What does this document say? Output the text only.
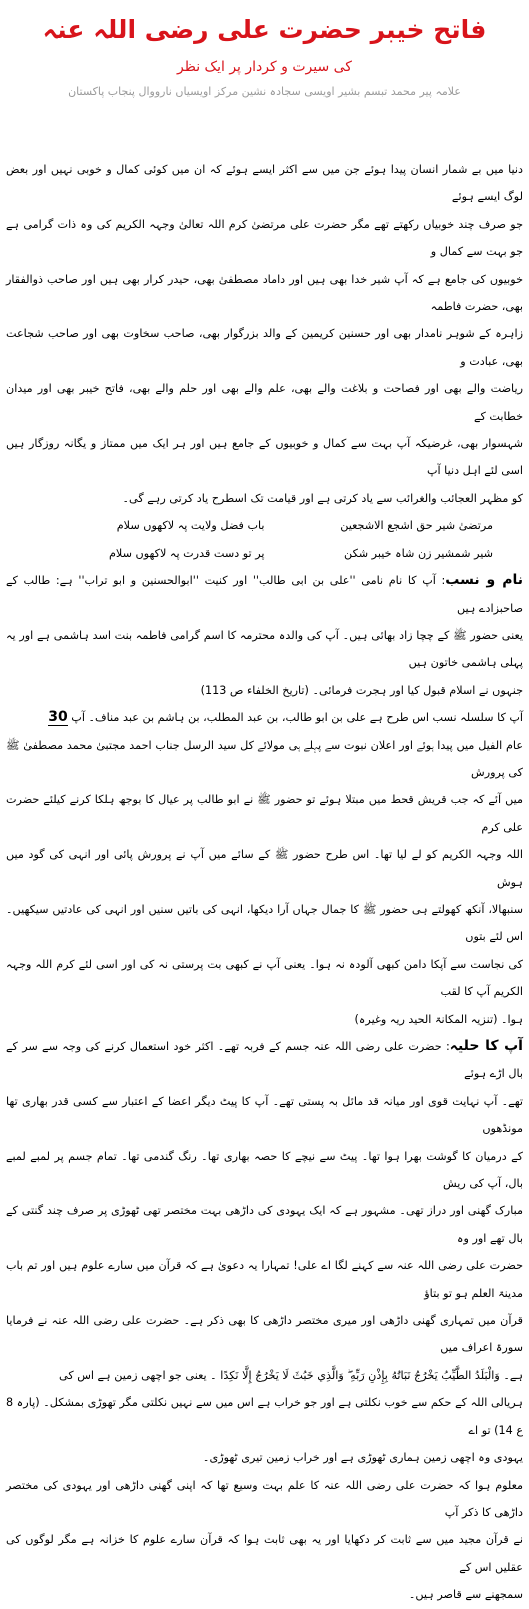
فاتح خیبر حضرت علی رضی اللہ عنہ
کی سیرت و کردار پر ایک نظر
علامہ پیر محمد تبسم بشیر اویسی سجادہ نشین مرکز اویسیاں نارووال پنجاب پاکستان

دنیا میں بے شمار انسان پیدا ہوئے جن میں سے اکثر ایسے ہوئے کہ ان میں کوئی کمال و خوبی نہیں اور بعض لوگ ایسے ہوئے

جو صرف چند خوبیاں رکھتے تھے مگر حضرت علی مرتضیٰ کرم اللہ تعالیٰ وجہہ الکریم کی وہ ذات گرامی ہے جو بہت سے کمال و

خوبیوں کی جامع ہے کہ آپ شیر خدا بھی ہیں اور داماد مصطفیٰ بھی، حیدر کرار بھی ہیں اور صاحب ذوالفقار بھی، حضرت فاطمہ

زاہرہ کے شوہر نامدار بھی اور حسنین کریمین کے والد بزرگوار بھی، صاحب سخاوت بھی اور صاحب شجاعت بھی، عبادت و

ریاضت والے بھی اور فصاحت و بلاغت والے بھی، علم والے بھی اور حلم والے بھی، فاتح خیبر بھی اور میدان خطابت کے

شہسوار بھی، غرضیکہ آپ بہت سے کمال و خوبیوں کے جامع ہیں اور ہر ایک میں ممتاز و یگانہ روزگار ہیں اسی لئے اہل دنیا آپ

کو مظہر العجائب والغرائب سے یاد کرتی ہے اور قیامت تک اسطرح یاد کرتی رہے گی۔

مرتضیٰ شیر حق اشجع الاشجعین
باب فضل ولایت پہ لاکھوں سلام
شیر شمشیر زن شاہ خیبر شکن
پر تو دست قدرت پہ لاکھوں سلام

نام و نسب: آپ کا نام نامی ''علی بن ابی طالب'' اور کنیت ''ابوالحسنین و ابو تراب'' ہے: طالب کے صاحبزادے ہیں

یعنی حضور ﷺ کے چچا زاد بھائی ہیں۔ آپ کی والدہ محترمہ کا اسم گرامی فاطمہ بنت اسد ہاشمی ہے اور یہ پہلی ہاشمی خاتون ہیں

جنہوں نے اسلام قبول کیا اور ہجرت فرمائی۔ (تاریخ الخلفاء ص 113)

آپ کا سلسلہ نسب اس طرح ہے علی بن ابو طالب، بن عبد المطلب، بن ہاشم بن عبد مناف۔ آپ 30

عام الفیل میں پیدا ہوئے اور اعلان نبوت سے پہلے ہی مولائے کل سید الرسل جناب احمد مجتبیٰ محمد مصطفیٰ ﷺ کی پرورش

میں آئے کہ جب قریش قحط میں مبتلا ہوئے تو حضور ﷺ نے ابو طالب پر عیال کا بوجھ ہلکا کرنے کیلئے حضرت علی کرم

اللہ وجہہ الکریم کو لے لیا تھا۔ اس طرح حضور ﷺ کے سائے میں آپ نے پرورش پائی اور انہی کی گود میں ہوش

سنبھالا، آنکھ کھولتے ہی حضور ﷺ کا جمال جہاں آرا دیکھا، انہی کی باتیں سنیں اور انہی کی عادتیں سیکھیں۔ اس لئے بتوں

کی نجاست سے آپکا دامن کبھی آلودہ نہ ہوا۔ یعنی آپ نے کبھی بت پرستی نہ کی اور اسی لئے کرم اللہ وجہہ الکریم آپ کا لقب

ہوا۔ (تنزیہ المکانۃ الحید ریہ وغیرہ)

آپ کا حلیہ: حضرت علی رضی اللہ عنہ جسم کے فربہ تھے۔ اکثر خود استعمال کرنے کی وجہ سے سر کے بال اڑے ہوئے

تھے۔ آپ نہایت قوی اور میانہ قد مائل بہ پستی تھے۔ آپ کا پیٹ دیگر اعضا کے اعتبار سے کسی قدر بھاری تھا مونڈھوں

کے درمیان کا گوشت بھرا ہوا تھا۔ پیٹ سے نیچے کا حصہ بھاری تھا۔ رنگ گندمی تھا۔ تمام جسم پر لمبے لمبے بال، آپ کی ریش

مبارک گھنی اور دراز تھی۔ مشہور ہے کہ ایک یہودی کی داڑھی بہت مختصر تھی ٹھوڑی پر صرف چند گنتی کے بال تھے اور وہ

حضرت علی رضی اللہ عنہ سے کہنے لگا اے علی! تمہارا یہ دعویٰ ہے کہ قرآن میں سارے علوم ہیں اور تم باب مدینۃ العلم ہو تو بتاؤ

قرآن میں تمہاری گھنی داڑھی اور میری مختصر داڑھی کا بھی ذکر ہے۔ حضرت علی رضی اللہ عنہ نے فرمایا سورۃ اعراف میں

ہے۔ وَالْبَلَدُ الطَّيِّبُ يَخْرُجُ نَبَاتُهُ بِإِذْنِ رَبِّهِ ۖ وَالَّذِي خَبُثَ لَا يَخْرُجُ إِلَّا نَكِدًا ۔ یعنی جو اچھی زمین ہے اس کی

ہریالی اللہ کے حکم سے خوب نکلتی ہے اور جو خراب ہے اس میں سے نہیں نکلتی مگر تھوڑی بمشکل۔ (پارہ 8 ع 14) تو اے

یہودی وہ اچھی زمین ہماری ٹھوڑی ہے اور خراب زمین تیری ٹھوڑی۔

معلوم ہوا کہ حضرت علی رضی اللہ عنہ کا علم بہت وسیع تھا کہ اپنی گھنی داڑھی اور یہودی کی مختصر داڑھی کا ذکر آپ

نے قرآن مجید میں سے ثابت کر دکھایا اور یہ بھی ثابت ہوا کہ قرآن سارے علوم کا خزانہ ہے مگر لوگوں کی عقلیں اس کے

سمجھنے سے قاصر ہیں۔
